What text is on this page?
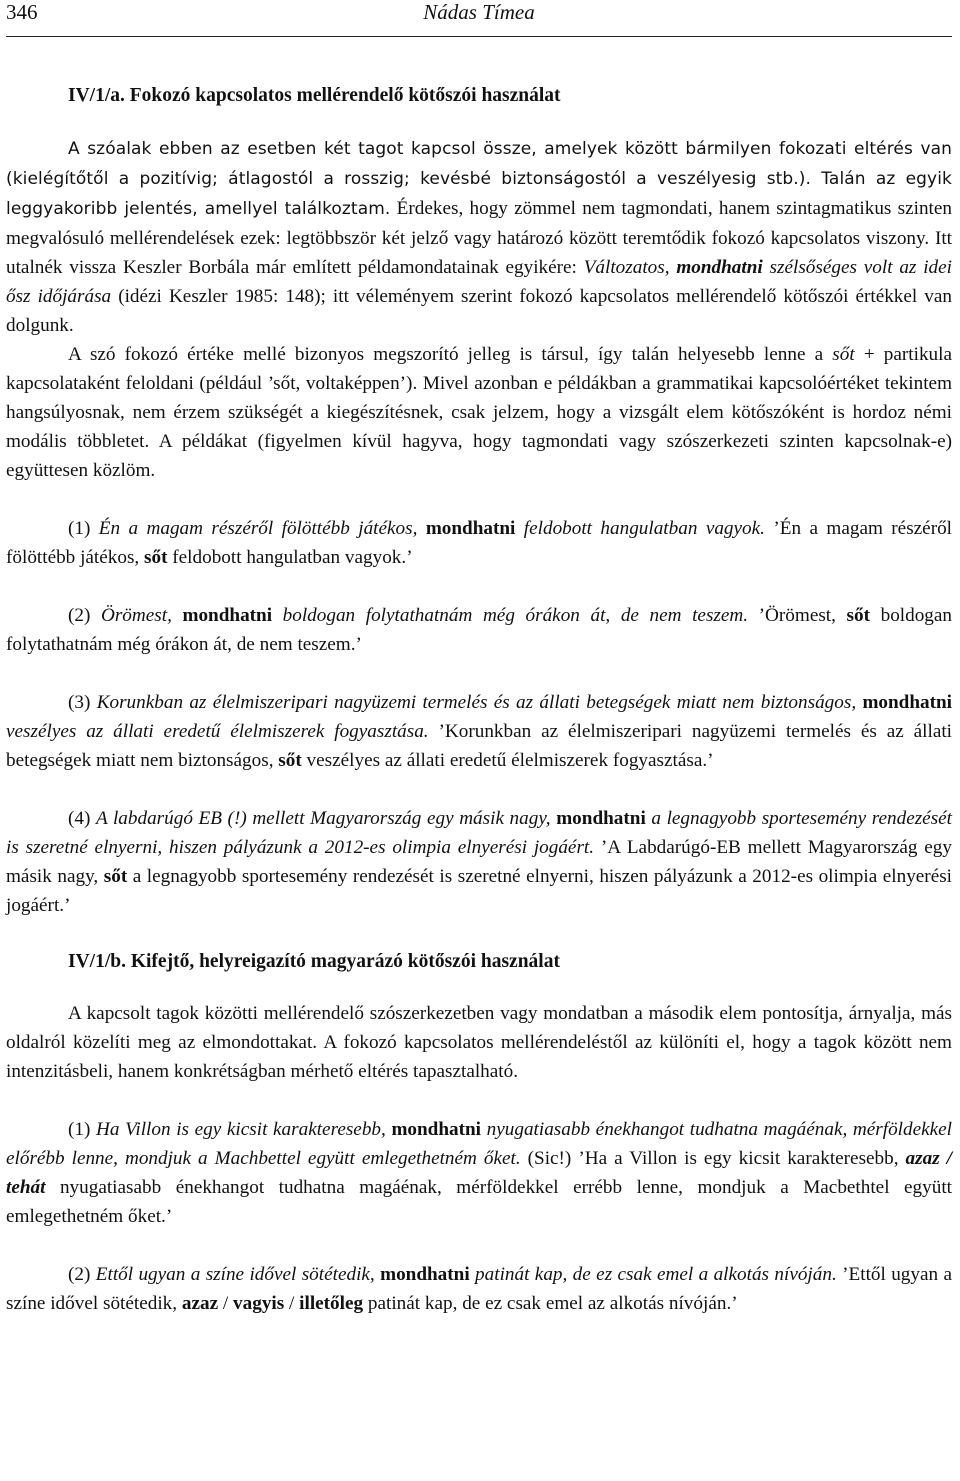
346	Nádas Tímea
IV/1/a. Fokozó kapcsolatos mellérendelő kötőszói használat

A szóalak ebben az esetben két tagot kapcsol össze, amelyek között bármilyen fokozati eltérés van (kielégítőtől a pozitívig; átlagostól a rosszig; kevésbé biztonságostól a veszélyesig stb.). Talán az egyik leggyakoribb jelentés, amellyel találkoztam. Érdekes, hogy zömmel nem tagmondati, hanem szintagmatikus szinten megvalósuló mellérendelések ezek: legtöbbször két jelző vagy határozó között teremtődik fokozó kapcsolatos viszony. Itt utalnék vissza Keszler Borbála már említett példamondatainak egyikére: Változatos, mondhatni szélsőséges volt az idei ősz időjárása (idézi Keszler 1985: 148); itt véleményem szerint fokozó kapcsolatos mellérendelő kötőszói értékkel van dolgunk.

A szó fokozó értéke mellé bizonyos megszorító jelleg is társul, így talán helyesebb lenne a sőt + partikula kapcsolataként feloldani (például ’sőt, voltaképpen’). Mivel azonban e példákban a grammatikai kapcsolóértéket tekintem hangsúlyosnak, nem érzem szükségét a kiegészítésnek, csak jelzem, hogy a vizsgált elem kötőszóként is hordoz némi modális többletet. A példákat (figyelmen kívül hagyva, hogy tagmondati vagy szószerkezeti szinten kapcsolnak-e) együttesen közlöm.

(1) Én a magam részéről fölöttébb játékos, mondhatni feldobott hangulatban vagyok. ’Én a magam részéről fölöttébb játékos, sőt feldobott hangulatban vagyok.’

(2) Örömest, mondhatni boldogan folytathatnám még órákon át, de nem teszem. ’Örömest, sőt boldogan folytathatnám még órákon át, de nem teszem.’

(3) Korunkban az élelmiszeripari nagyüzemi termelés és az állati betegségek miatt nem biztonságos, mondhatni veszélyes az állati eredetű élelmiszerek fogyasztása. ’Korunkban az élelmiszeripari nagyüzemi termelés és az állati betegségek miatt nem biztonságos, sőt veszélyes az állati eredetű élelmiszerek fogyasztása.’

(4) A labdarúgó EB (!) mellett Magyarország egy másik nagy, mondhatni a legnagyobb sportesemény rendezését is szeretné elnyerni, hiszen pályázunk a 2012-es olimpia elnyerési jogáért. ’A Labdarúgó-EB mellett Magyarország egy másik nagy, sőt a legnagyobb sportesemény rendezését is szeretné elnyerni, hiszen pályázunk a 2012-es olimpia elnyerési jogáért.’

IV/1/b. Kifejtő, helyreigazító magyarázó kötőszói használat

A kapcsolt tagok közötti mellérendelő szószerkezetben vagy mondatban a második elem pontosítja, árnyalja, más oldalról közelíti meg az elmondottakat. A fokozó kapcsolatos mellérendeléstől az különíti el, hogy a tagok között nem intenzitásbeli, hanem konkrétságban mérhető eltérés tapasztalható.

(1) Ha Villon is egy kicsit karakteresebb, mondhatni nyugatiasabb énekhangot tudhatna magáénak, mérföldekkel előrébb lenne, mondjuk a Machbettel együtt emlegethetném őket. (Sic!) ’Ha a Villon is egy kicsit karakteresebb, azaz / tehát nyugatiasabb énekhangot tudhatna magáénak, mérföldekkel errébb lenne, mondjuk a Macbethtel együtt emlegethetném őket.’

(2) Ettől ugyan a színe idővel sötétedik, mondhatni patinát kap, de ez csak emel a alkotás nívóján. ’Ettől ugyan a színe idővel sötétedik, azaz / vagyis / illetőleg patinát kap, de ez csak emel az alkotás nívóján.’
